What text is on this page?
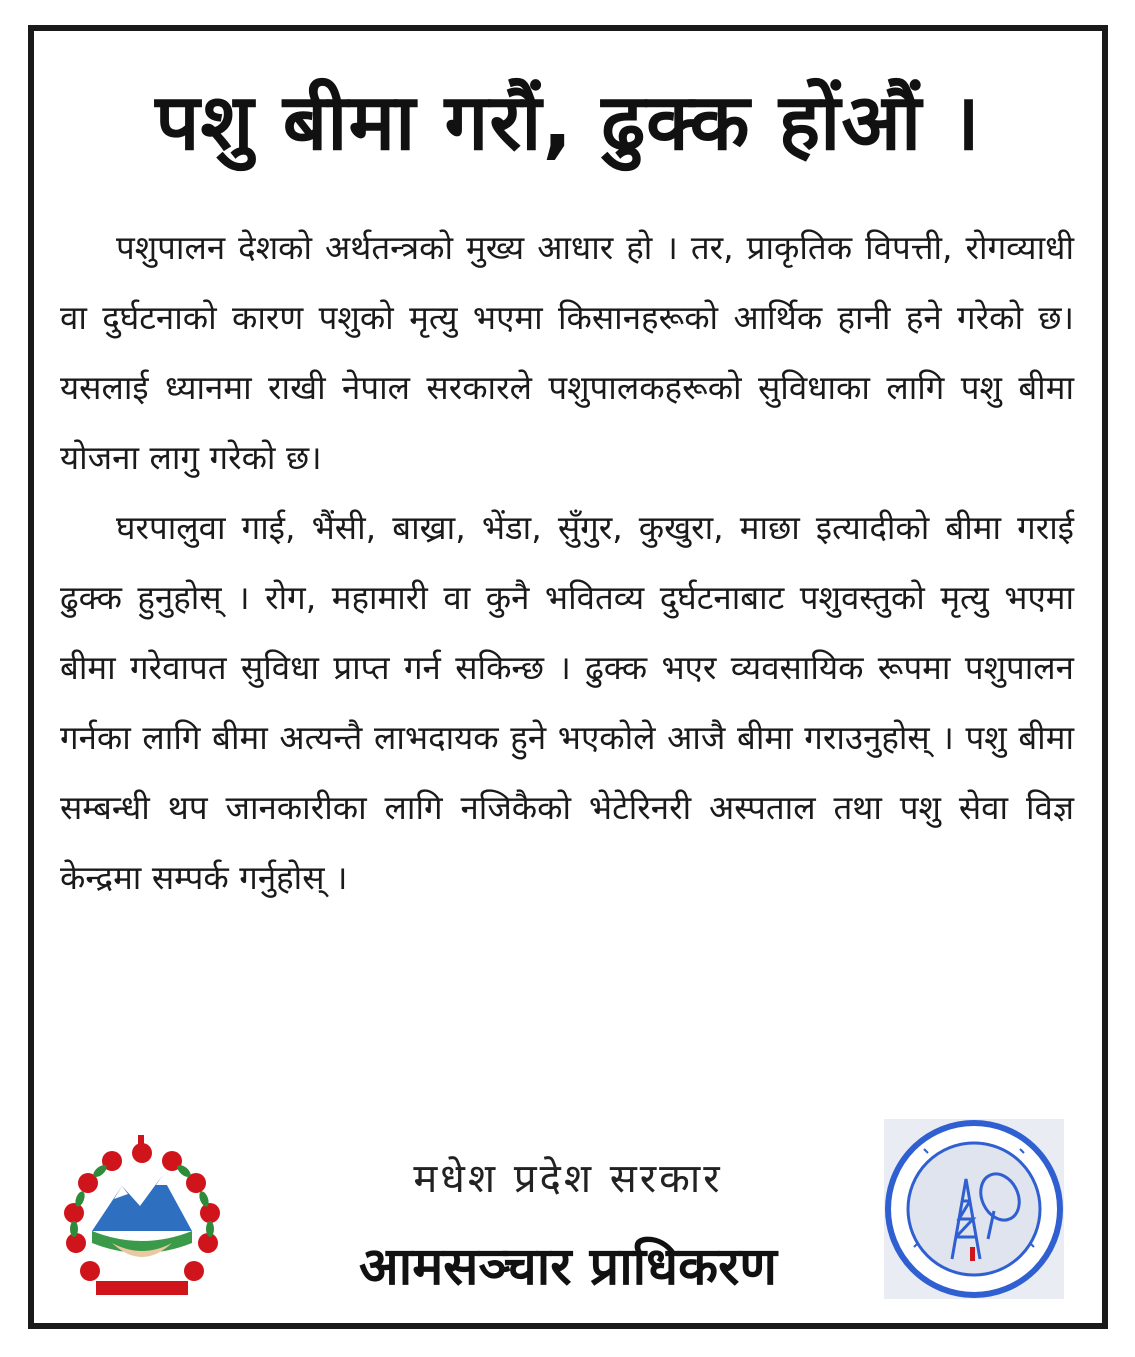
पशु बीमा गरौं, ढुक्क होंऔं ।

पशुपालन देशको अर्थतन्त्रको मुख्य आधार हो । तर, प्राकृतिक विपत्ती, रोगव्याधी वा दुर्घटनाको कारण पशुको मृत्यु भएमा किसानहरूको आर्थिक हानी हने गरेको छ। यसलाई ध्यानमा राखी नेपाल सरकारले पशुपालकहरूको सुविधाका लागि पशु बीमा योजना लागु गरेको छ।

घरपालुवा गाई, भैंसी, बाख्रा, भेंडा, सुँगुर, कुखुरा, माछा इत्यादीको बीमा गराई ढुक्क हुनुहोस् । रोग, महामारी वा कुनै भवितव्य दुर्घटनाबाट पशुवस्तुको मृत्यु भएमा बीमा गरेवापत सुविधा प्राप्त गर्न सकिन्छ । ढुक्क भएर व्यवसायिक रूपमा पशुपालन गर्नका लागि बीमा अत्यन्तै लाभदायक हुने भएकोले आजै बीमा गराउनुहोस् । पशु बीमा सम्बन्धी थप जानकारीका लागि नजिकैको भेटेरिनरी अस्पताल तथा पशु सेवा विज्ञ केन्द्रमा सम्पर्क गर्नुहोस् ।

मधेश प्रदेश सरकार
आमसञ्चार प्राधिकरण
